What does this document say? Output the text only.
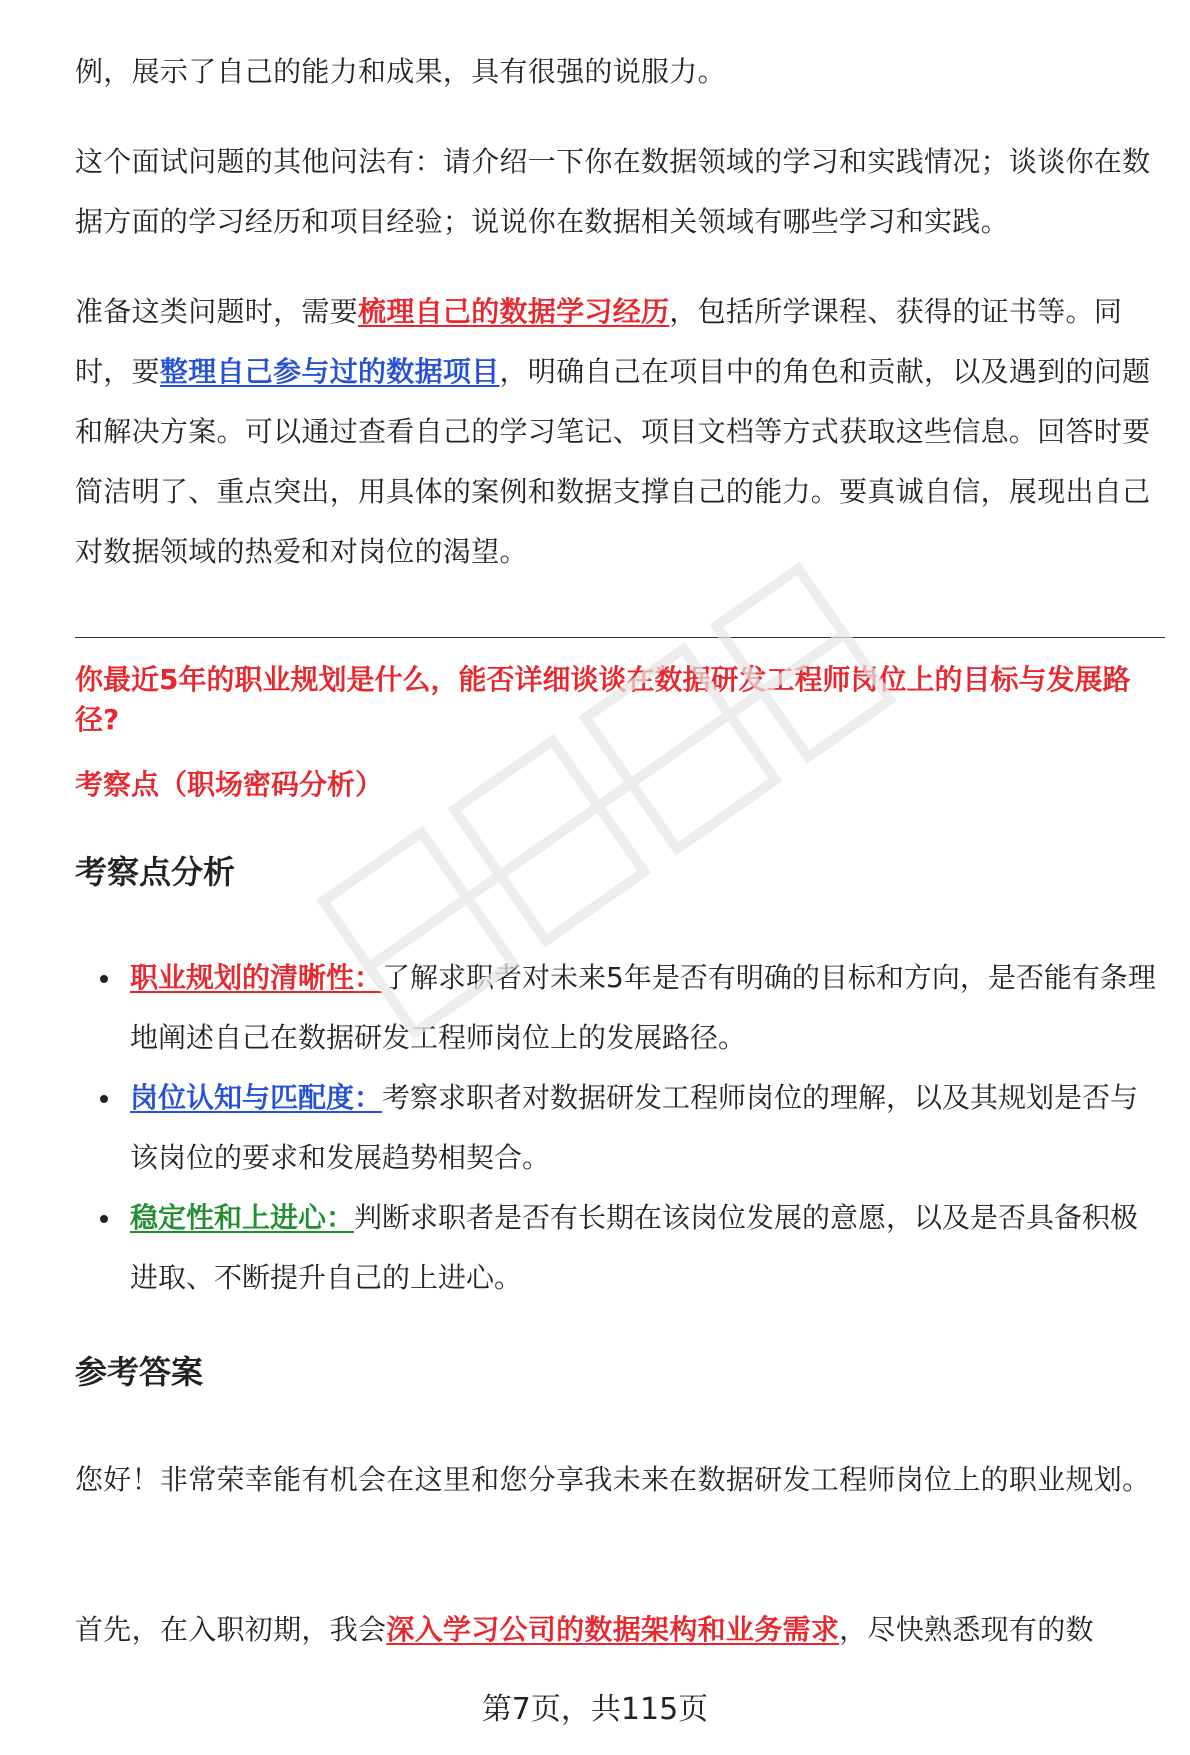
例，展示了自己的能力和成果，具有很强的说服力。

这个面试问题的其他问法有：请介绍一下你在数据领域的学习和实践情况；谈谈你在数据方面的学习经历和项目经验；说说你在数据相关领域有哪些学习和实践。

准备这类问题时，需要梳理自己的数据学习经历，包括所学课程、获得的证书等。同时，要整理自己参与过的数据项目，明确自己在项目中的角色和贡献，以及遇到的问题和解决方案。可以通过查看自己的学习笔记、项目文档等方式获取这些信息。回答时要简洁明了、重点突出，用具体的案例和数据支撑自己的能力。要真诚自信，展现出自己对数据领域的热爱和对岗位的渴望。

你最近5年的职业规划是什么，能否详细谈谈在数据研发工程师岗位上的目标与发展路径?

考察点（职场密码分析）

考察点分析
职业规划的清晰性：了解求职者对未来5年是否有明确的目标和方向，是否能有条理地阐述自己在数据研发工程师岗位上的发展路径。
岗位认知与匹配度：考察求职者对数据研发工程师岗位的理解，以及其规划是否与该岗位的要求和发展趋势相契合。
稳定性和上进心：判断求职者是否有长期在该岗位发展的意愿，以及是否具备积极进取、不断提升自己的上进心。
参考答案

您好！非常荣幸能有机会在这里和您分享我未来在数据研发工程师岗位上的职业规划。

首先，在入职初期，我会深入学习公司的数据架构和业务需求，尽快熟悉现有的数

第7页，共115页
